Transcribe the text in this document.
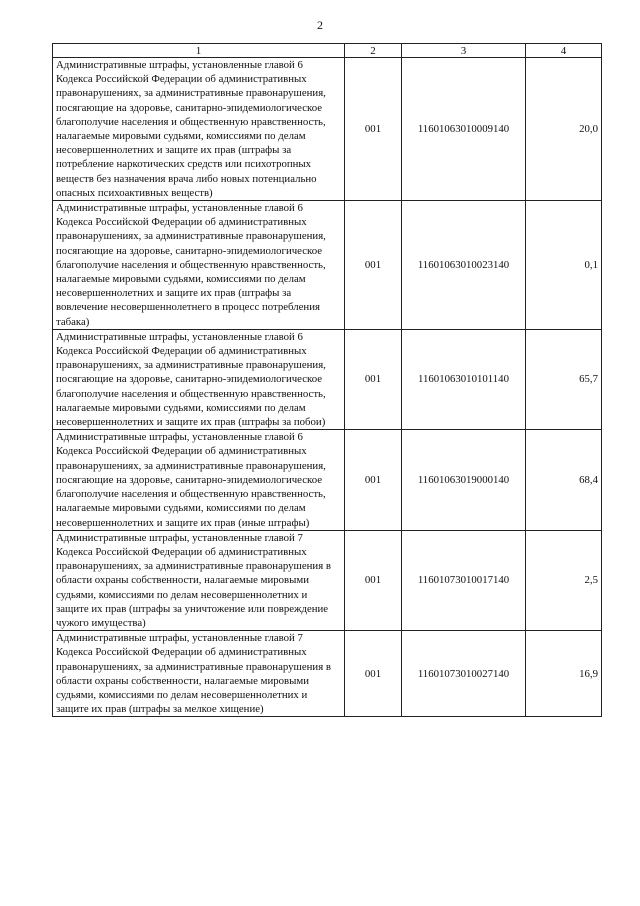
2
1	2	3	4
Административные штрафы, установленные главой 6 Кодекса Российской Федерации об административных правонарушениях, за административные правонарушения, посягающие на здоровье, санитарно-эпидемиологическое благополучие населения и общественную нравственность, налагаемые мировыми судьями, комиссиями по делам несовершеннолетних и защите их прав (штрафы за потребление наркотических средств или психотропных веществ без назначения врача либо новых потенциально опасных психоактивных веществ)	001	11601063010009140	20,0
Административные штрафы, установленные главой 6 Кодекса Российской Федерации об административных правонарушениях, за административные правонарушения, посягающие на здоровье, санитарно-эпидемиологическое благополучие населения и общественную нравственность, налагаемые мировыми судьями, комиссиями по делам несовершеннолетних и защите их прав (штрафы за вовлечение несовершеннолетнего в процесс потребления табака)	001	11601063010023140	0,1
Административные штрафы, установленные главой 6 Кодекса Российской Федерации об административных правонарушениях, за административные правонарушения, посягающие на здоровье, санитарно-эпидемиологическое благополучие населения и общественную нравственность, налагаемые мировыми судьями, комиссиями по делам несовершеннолетних и защите их прав (штрафы за побои)	001	11601063010101140	65,7
Административные штрафы, установленные главой 6 Кодекса Российской Федерации об административных правонарушениях, за административные правонарушения, посягающие на здоровье, санитарно-эпидемиологическое благополучие населения и общественную нравственность, налагаемые мировыми судьями, комиссиями по делам несовершеннолетних и защите их прав (иные штрафы)	001	11601063019000140	68,4
Административные штрафы, установленные главой 7 Кодекса Российской Федерации об административных правонарушениях, за административные правонарушения в области охраны собственности, налагаемые мировыми судьями, комиссиями по делам несовершеннолетних и защите их прав (штрафы за уничтожение или повреждение чужого имущества)	001	11601073010017140	2,5
Административные штрафы, установленные главой 7 Кодекса Российской Федерации об административных правонарушениях, за административные правонарушения в области охраны собственности, налагаемые мировыми судьями, комиссиями по делам несовершеннолетних и защите их прав (штрафы за мелкое хищение)	001	11601073010027140	16,9
